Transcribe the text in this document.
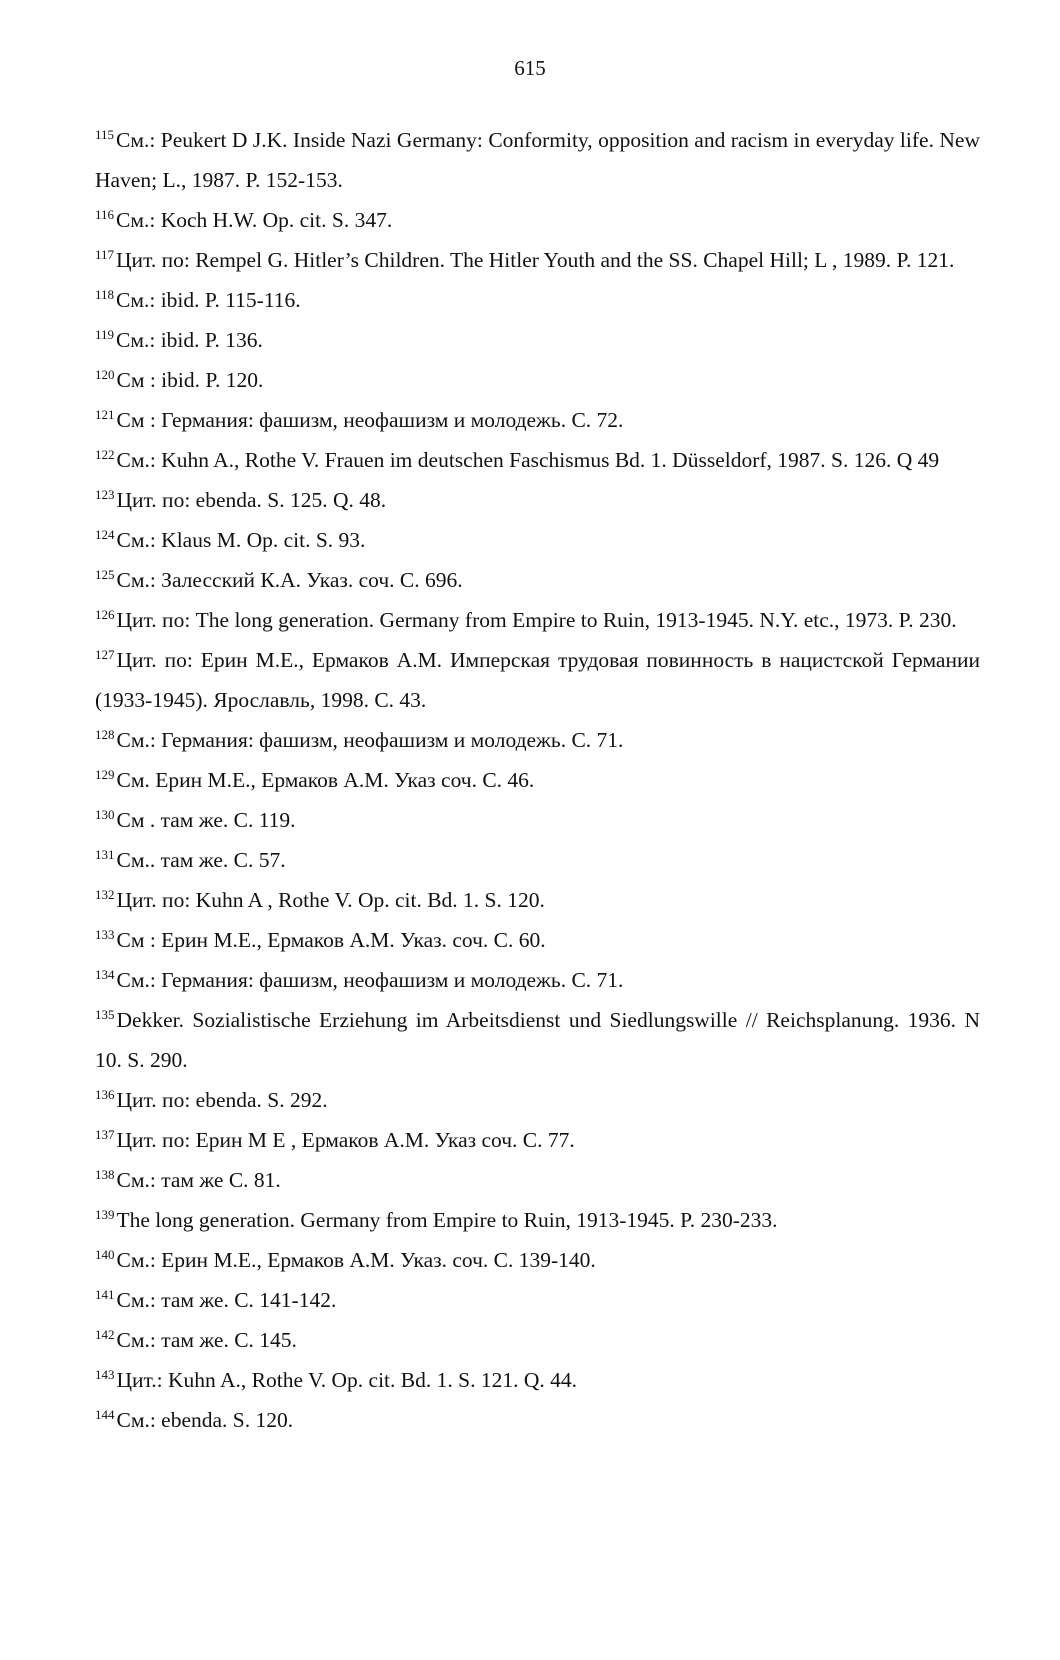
615

$^{115}$См.: Peukert D J.K. Inside Nazi Germany: Conformity, opposition and racism in everyday life. New Haven; L., 1987. P. 152-153.

$^{116}$См.: Koch H.W. Op. cit. S. 347.

$^{117}$Цит. по: Rempel G. Hitler’s Children. The Hitler Youth and the SS. Chapel Hill; L , 1989. P. 121.

$^{118}$См.: ibid. P. 115-116.

$^{119}$См.: ibid. P. 136.

$^{120}$См : ibid. P. 120.

$^{121}$См : Германия: фашизм, неофашизм и молодежь. С. 72.

$^{122}$См.: Kuhn A., Rothe V. Frauen im deutschen Faschismus Bd. 1. Düsseldorf, 1987. S. 126. Q 49

$^{123}$Цит. по: ebenda. S. 125. Q. 48.

$^{124}$См.: Klaus M. Op. cit. S. 93.

$^{125}$См.: Залесский К.А. Указ. соч. С. 696.

$^{126}$Цит. по: The long generation. Germany from Empire to Ruin, 1913-1945. N.Y. etc., 1973. P. 230.

$^{127}$Цит. по: Ерин М.Е., Ермаков А.М. Имперская трудовая повинность в нацистской Германии (1933-1945). Ярославль, 1998. С. 43.

$^{128}$См.: Германия: фашизм, неофашизм и молодежь. С. 71.

$^{129}$См. Ерин М.Е., Ермаков А.М. Указ соч. С. 46.

$^{130}$См . там же. С. 119.

$^{131}$См.. там же. С. 57.

$^{132}$Цит. по: Kuhn A , Rothe V. Op. cit. Bd. 1. S. 120.

$^{133}$См : Ерин М.Е., Ермаков А.М. Указ. соч. С. 60.

$^{134}$См.: Германия: фашизм, неофашизм и молодежь. С. 71.

$^{135}$Dekker. Sozialistische Erziehung im Arbeitsdienst und Siedlungswille // Reichsplanung. 1936. N 10. S. 290.

$^{136}$Цит. по: ebenda. S. 292.

$^{137}$Цит. по: Ерин М Е , Ермаков А.М. Указ соч. С. 77.

$^{138}$См.: там же С. 81.

$^{139}$The long generation. Germany from Empire to Ruin, 1913-1945. P. 230-233.

$^{140}$См.: Ерин М.Е., Ермаков А.М. Указ. соч. С. 139-140.

$^{141}$См.: там же. С. 141-142.

$^{142}$См.: там же. С. 145.

$^{143}$Цит.: Kuhn A., Rothe V. Op. cit. Bd. 1. S. 121. Q. 44.

$^{144}$См.: ebenda. S. 120.
